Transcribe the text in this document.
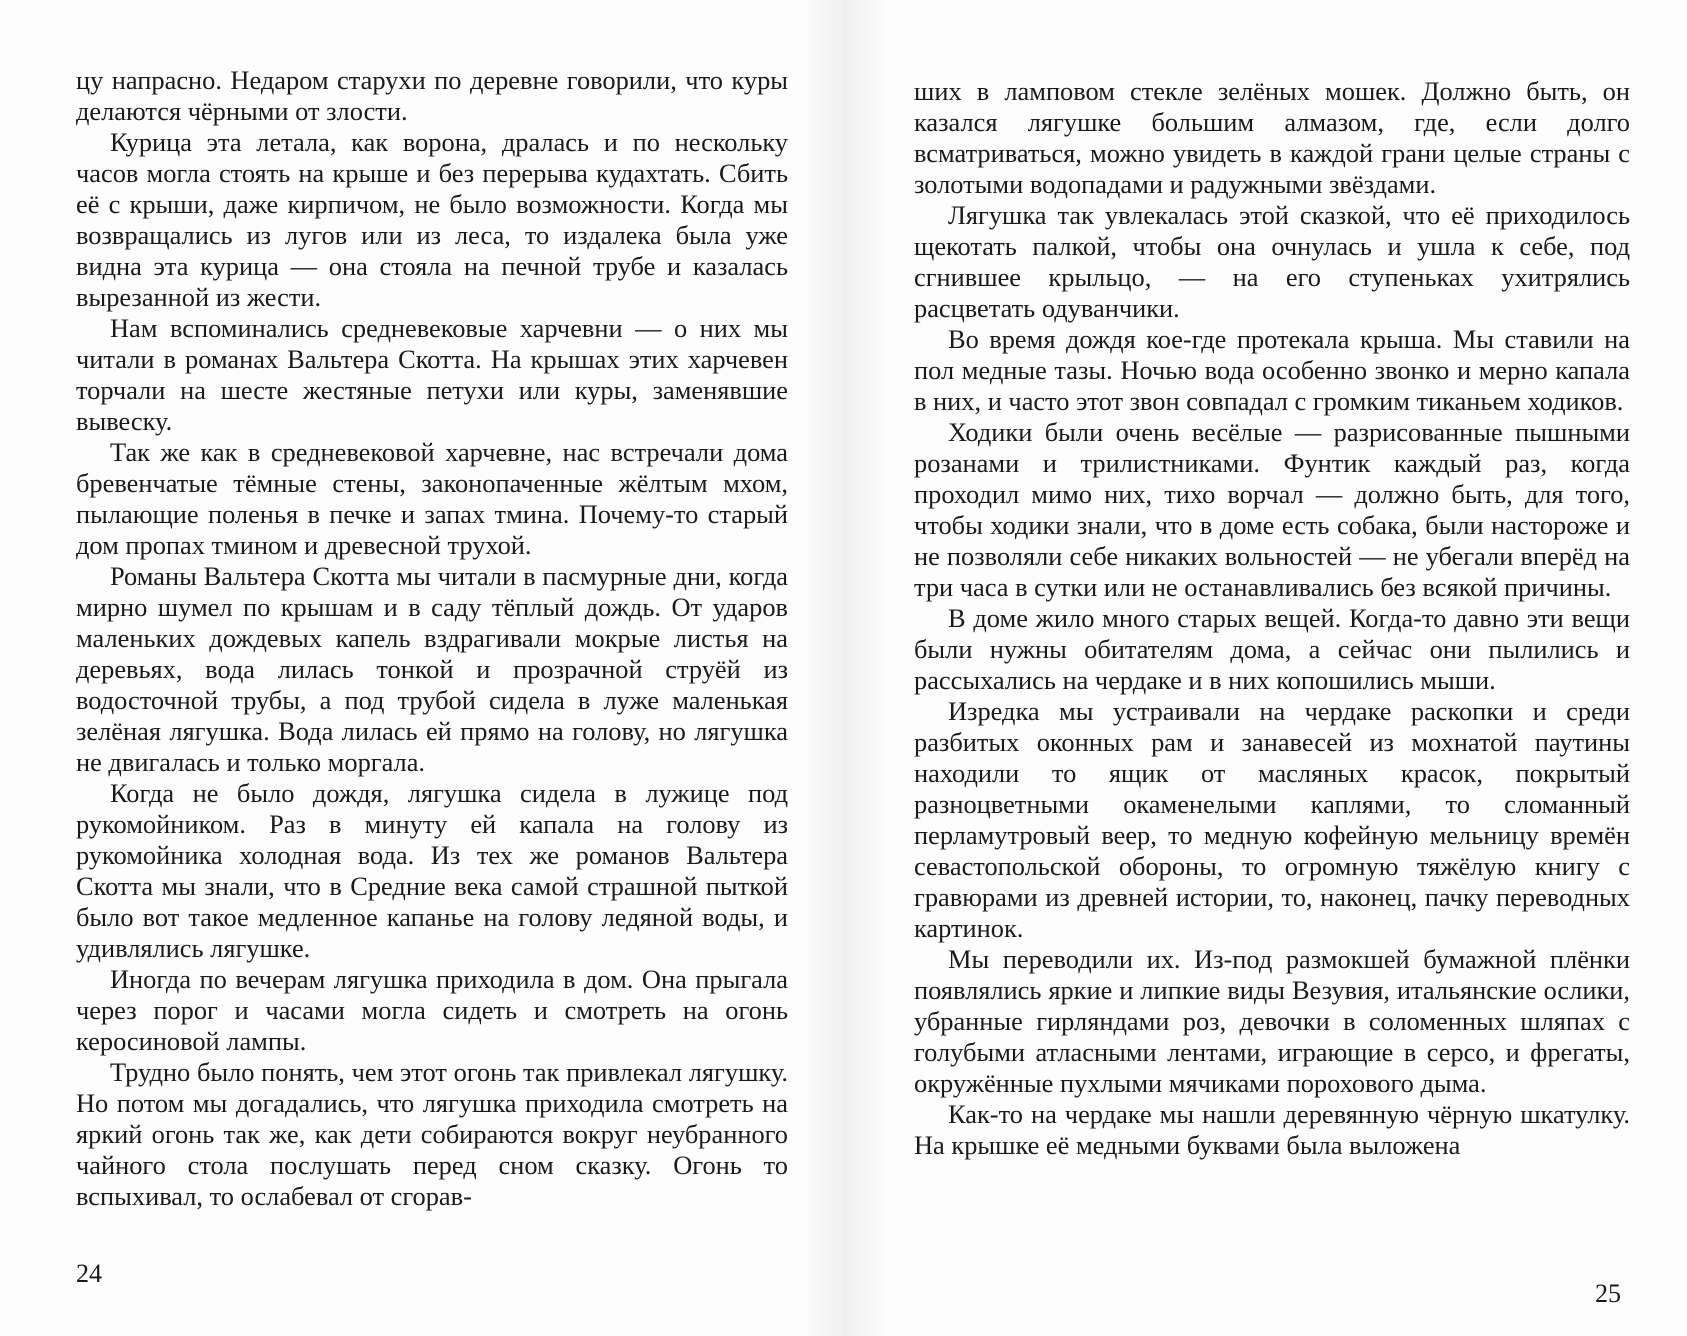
цу напрасно. Недаром старухи по деревне говорили, что куры делаются чёрными от злости.

Курица эта летала, как ворона, дралась и по нескольку часов могла стоять на крыше и без перерыва кудахтать. Сбить её с крыши, даже кирпичом, не было возможности. Когда мы возвращались из лугов или из леса, то издалека была уже видна эта курица — она стояла на печной трубе и казалась вырезанной из жести.

Нам вспоминались средневековые харчевни — о них мы читали в романах Вальтера Скотта. На крышах этих харчевен торчали на шесте жестяные петухи или куры, заменявшие вывеску.

Так же как в средневековой харчевне, нас встречали дома бревенчатые тёмные стены, законопаченные жёлтым мхом, пылающие поленья в печке и запах тмина. Почему-то старый дом пропах тмином и древесной трухой.

Романы Вальтера Скотта мы читали в пасмурные дни, когда мирно шумел по крышам и в саду тёплый дождь. От ударов маленьких дождевых капель вздрагивали мокрые листья на деревьях, вода лилась тонкой и прозрачной струёй из водосточной трубы, а под трубой сидела в луже маленькая зелёная лягушка. Вода лилась ей прямо на голову, но лягушка не двигалась и только моргала.

Когда не было дождя, лягушка сидела в лужице под рукомойником. Раз в минуту ей капала на голову из рукомойника холодная вода. Из тех же романов Вальтера Скотта мы знали, что в Средние века самой страшной пыткой было вот такое медленное капанье на голову ледяной воды, и удивлялись лягушке.

Иногда по вечерам лягушка приходила в дом. Она прыгала через порог и часами могла сидеть и смотреть на огонь керосиновой лампы.

Трудно было понять, чем этот огонь так привлекал лягушку. Но потом мы догадались, что лягушка приходила смотреть на яркий огонь так же, как дети собираются вокруг неубранного чайного стола послушать перед сном сказку. Огонь то вспыхивал, то ослабевал от сгорав-

24

ших в ламповом стекле зелёных мошек. Должно быть, он казался лягушке большим алмазом, где, если долго всматриваться, можно увидеть в каждой грани целые страны с золотыми водопадами и радужными звёздами.

Лягушка так увлекалась этой сказкой, что её приходилось щекотать палкой, чтобы она очнулась и ушла к себе, под сгнившее крыльцо, — на его ступеньках ухитрялись расцветать одуванчики.

Во время дождя кое-где протекала крыша. Мы ставили на пол медные тазы. Ночью вода особенно звонко и мерно капала в них, и часто этот звон совпадал с громким тиканьем ходиков.

Ходики были очень весёлые — разрисованные пышными розанами и трилистниками. Фунтик каждый раз, когда проходил мимо них, тихо ворчал — должно быть, для того, чтобы ходики знали, что в доме есть собака, были настороже и не позволяли себе никаких вольностей — не убегали вперёд на три часа в сутки или не останавливались без всякой причины.

В доме жило много старых вещей. Когда-то давно эти вещи были нужны обитателям дома, а сейчас они пылились и рассыхались на чердаке и в них копошились мыши.

Изредка мы устраивали на чердаке раскопки и среди разбитых оконных рам и занавесей из мохнатой паутины находили то ящик от масляных красок, покрытый разноцветными окаменелыми каплями, то сломанный перламутровый веер, то медную кофейную мельницу времён севастопольской обороны, то огромную тяжёлую книгу с гравюрами из древней истории, то, наконец, пачку переводных картинок.

Мы переводили их. Из-под размокшей бумажной плёнки появлялись яркие и липкие виды Везувия, итальянские ослики, убранные гирляндами роз, девочки в соломенных шляпах с голубыми атласными лентами, играющие в серсо, и фрегаты, окружённые пухлыми мячиками порохового дыма.

Как-то на чердаке мы нашли деревянную чёрную шкатулку. На крышке её медными буквами была выложена

25
